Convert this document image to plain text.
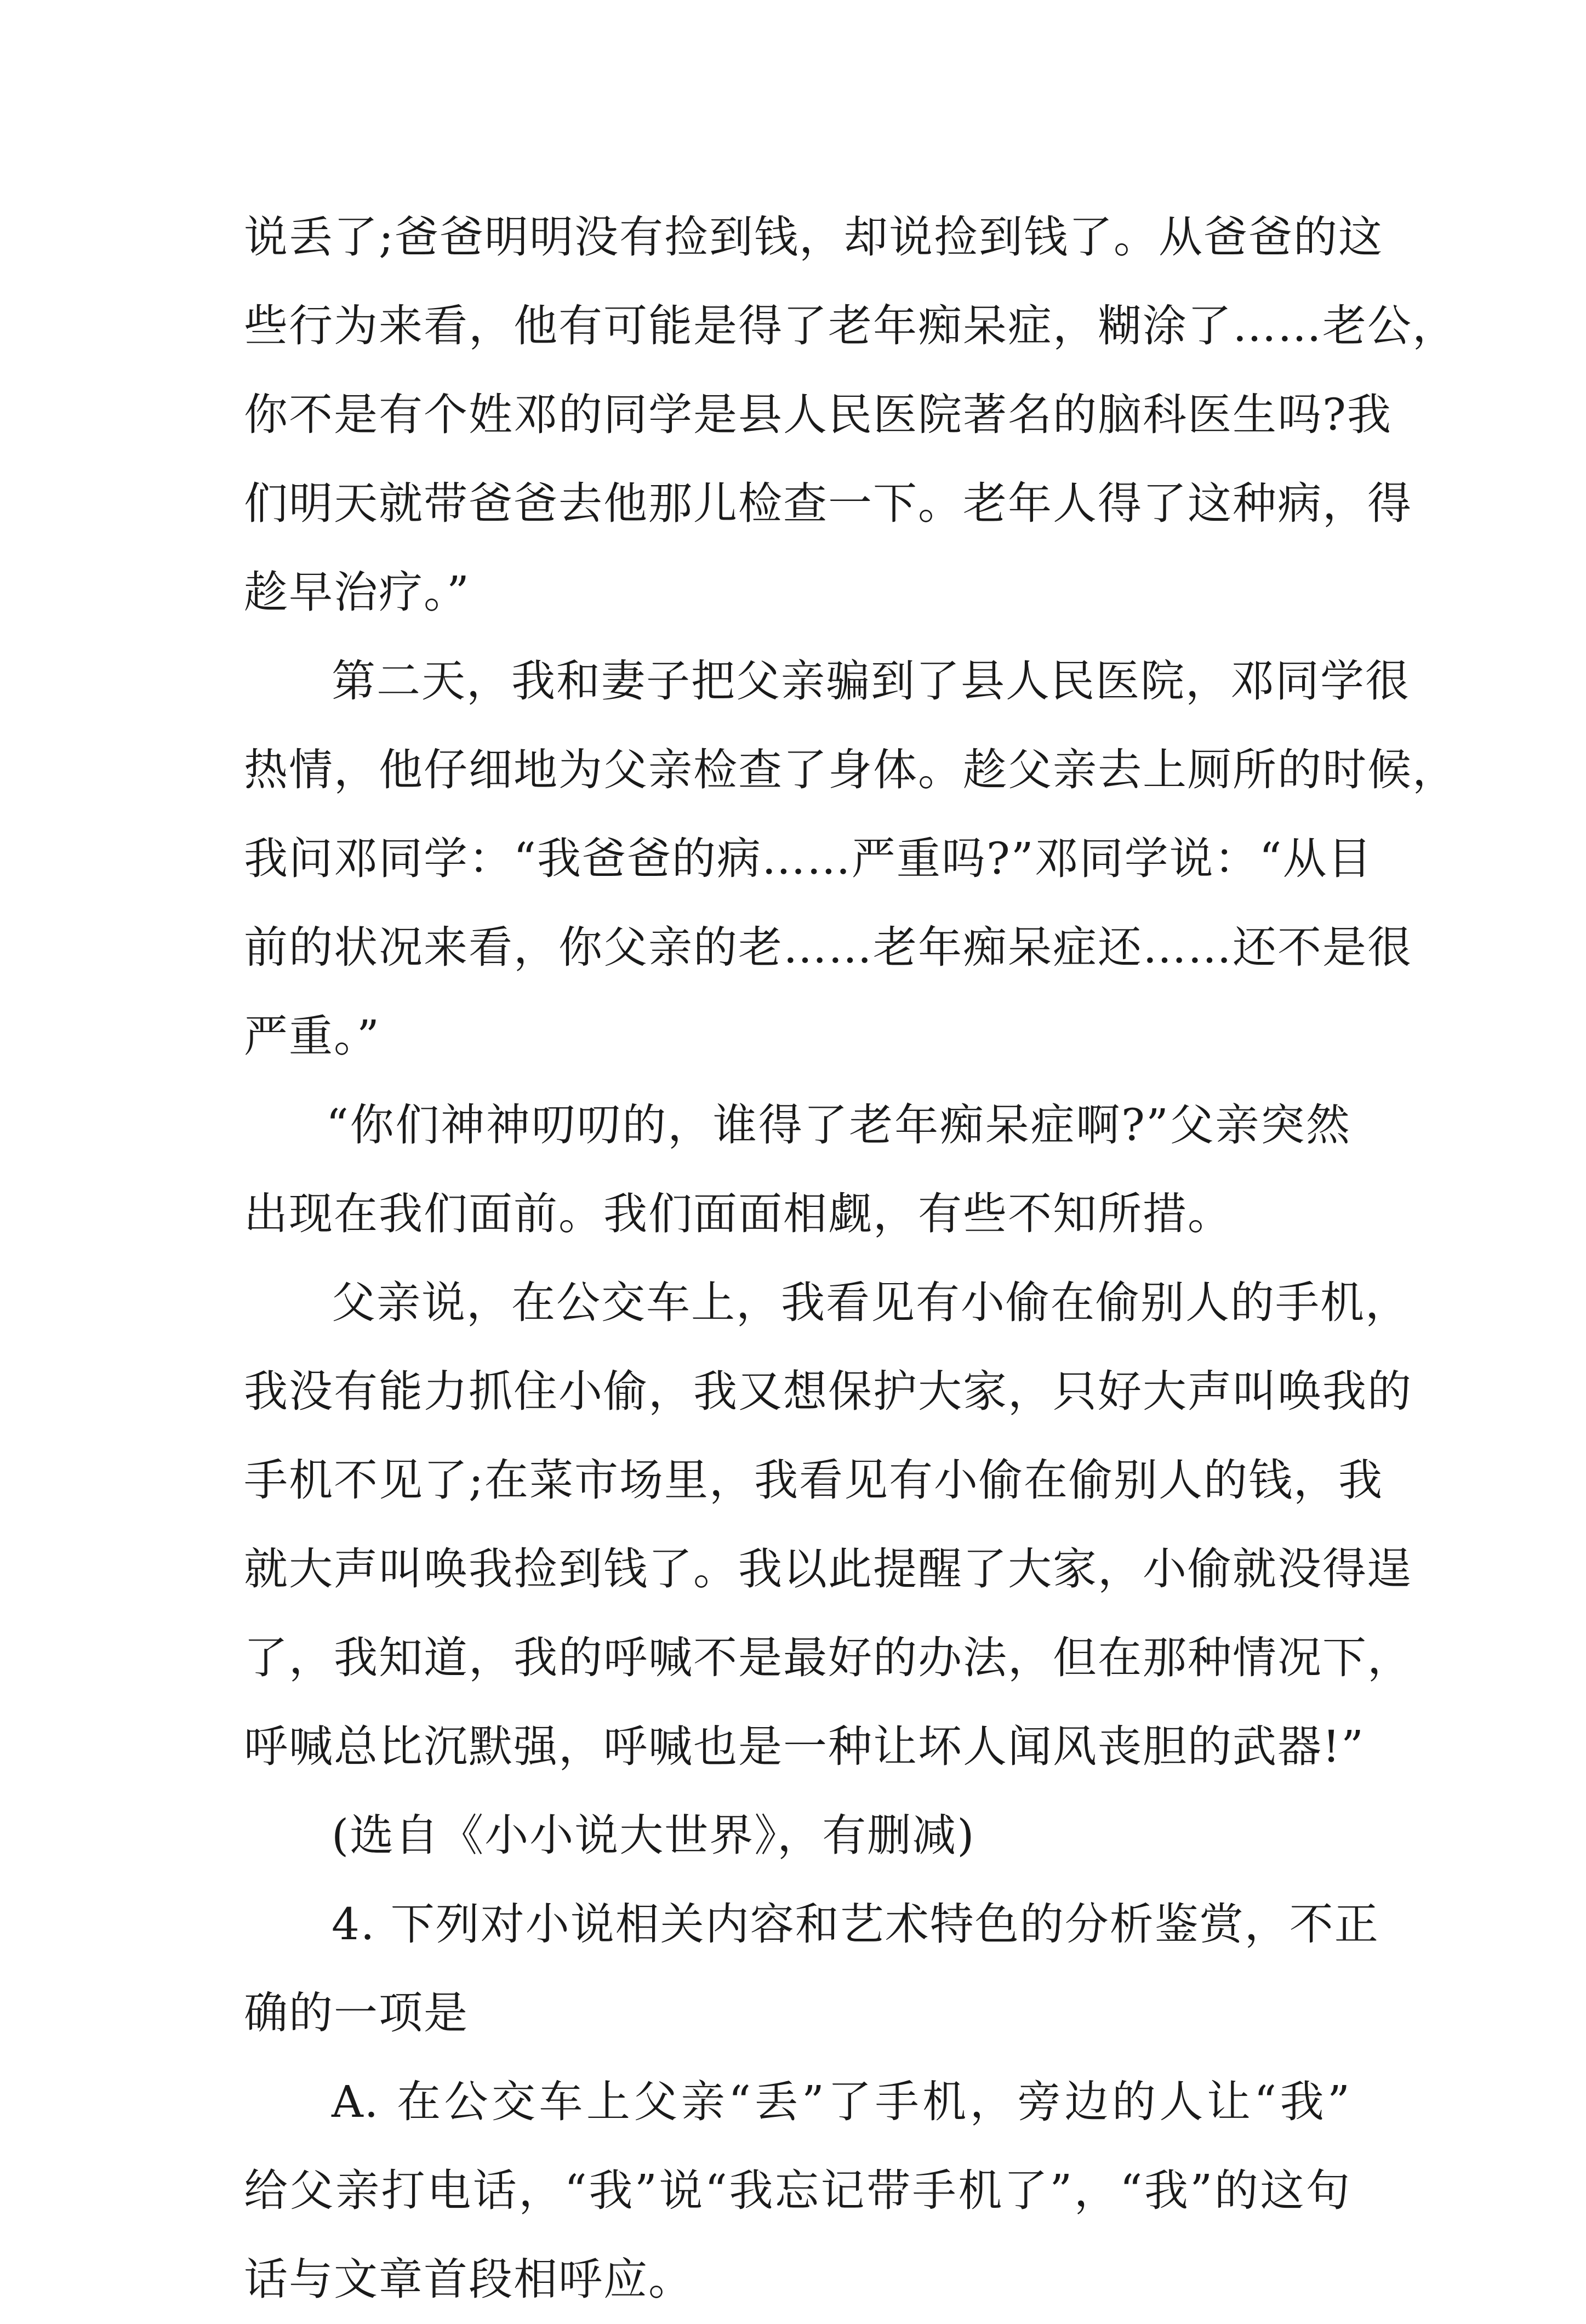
说丢了;爸爸明明没有捡到钱，却说捡到钱了。从爸爸的这
些行为来看，他有可能是得了老年痴呆症，糊涂了……老公，
你不是有个姓邓的同学是县人民医院著名的脑科医生吗?我
们明天就带爸爸去他那儿检查一下。老年人得了这种病，得
趁早治疗。”
第二天，我和妻子把父亲骗到了县人民医院，邓同学很
热情，他仔细地为父亲检查了身体。趁父亲去上厕所的时候，
我问邓同学：“我爸爸的病……严重吗?”邓同学说：“从目
前的状况来看，你父亲的老……老年痴呆症还……还不是很
严重。”
“你们神神叨叨的，谁得了老年痴呆症啊?”父亲突然
出现在我们面前。我们面面相觑，有些不知所措。
父亲说，在公交车上，我看见有小偷在偷别人的手机，
我没有能力抓住小偷，我又想保护大家，只好大声叫唤我的
手机不见了;在菜市场里，我看见有小偷在偷别人的钱，我
就大声叫唤我捡到钱了。我以此提醒了大家，小偷就没得逞
了，我知道，我的呼喊不是最好的办法，但在那种情况下，
呼喊总比沉默强，呼喊也是一种让坏人闻风丧胆的武器!”
(选自《小小说大世界》，有删减)
4. 下列对小说相关内容和艺术特色的分析鉴赏，不正
确的一项是
A. 在公交车上父亲“丢”了手机，旁边的人让“我”
给父亲打电话，“我”说“我忘记带手机了”，“我”的这句
话与文章首段相呼应。
